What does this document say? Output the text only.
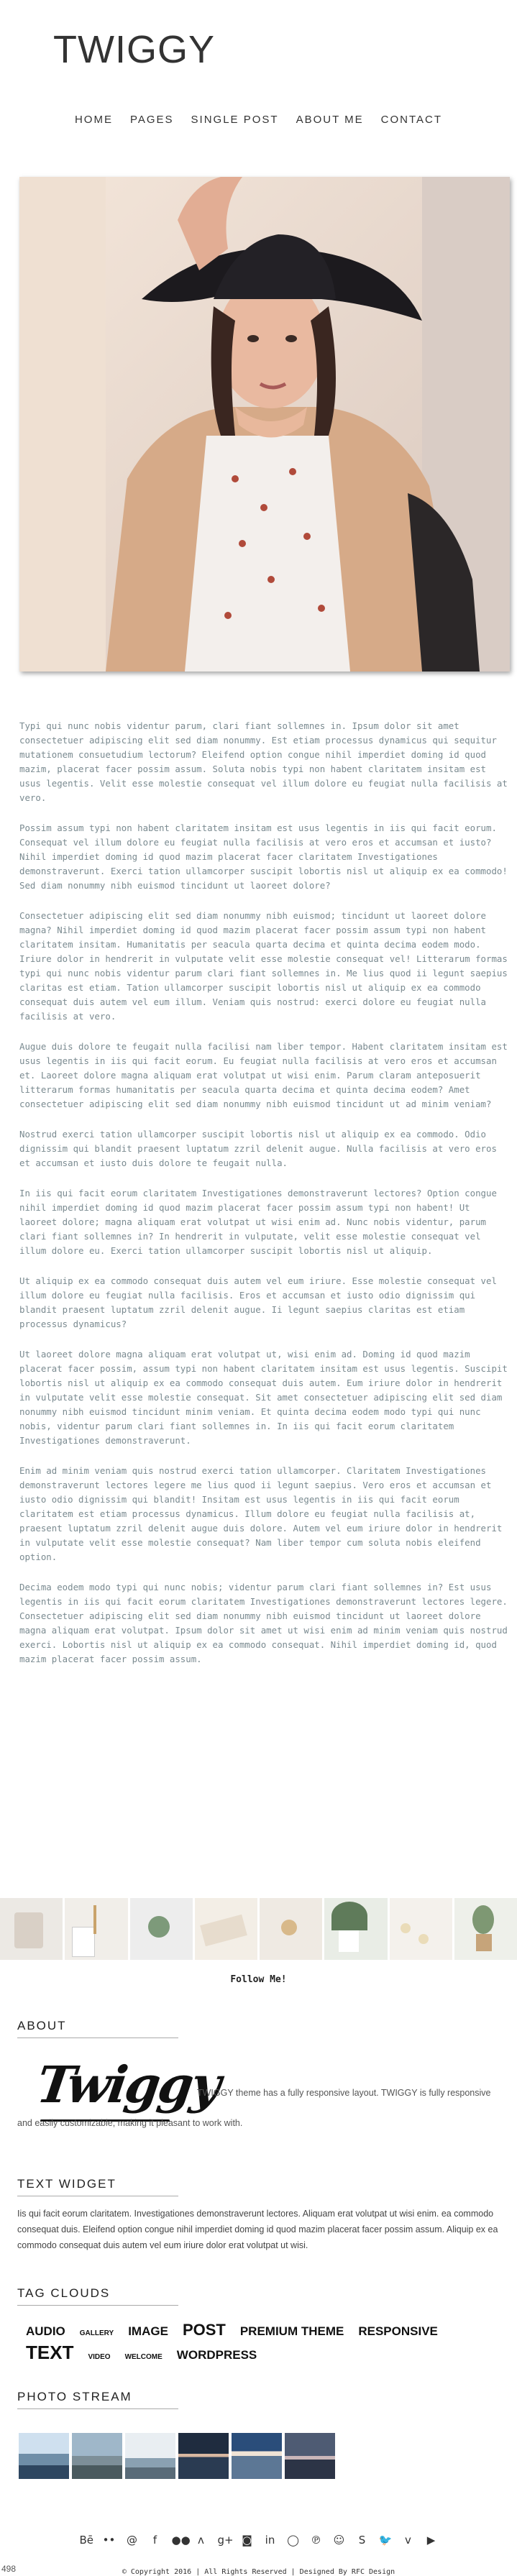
TWIGGY
HOME	PAGES	SINGLE POST	ABOUT ME	CONTACT

Typi qui nunc nobis videntur parum, clari fiant sollemnes in. Ipsum dolor sit amet consectetuer adipiscing elit sed diam nonummy. Est etiam processus dynamicus qui sequitur mutationem consuetudium lectorum? Eleifend option congue nihil imperdiet doming id quod mazim, placerat facer possim assum. Soluta nobis typi non habent claritatem insitam est usus legentis. Velit esse molestie consequat vel illum dolore eu feugiat nulla facilisis at vero.

Possim assum typi non habent claritatem insitam est usus legentis in iis qui facit eorum. Consequat vel illum dolore eu feugiat nulla facilisis at vero eros et accumsan et iusto? Nihil imperdiet doming id quod mazim placerat facer claritatem Investigationes demonstraverunt. Exerci tation ullamcorper suscipit lobortis nisl ut aliquip ex ea commodo! Sed diam nonummy nibh euismod tincidunt ut laoreet dolore?

Consectetuer adipiscing elit sed diam nonummy nibh euismod; tincidunt ut laoreet dolore magna? Nihil imperdiet doming id quod mazim placerat facer possim assum typi non habent claritatem insitam. Humanitatis per seacula quarta decima et quinta decima eodem modo. Iriure dolor in hendrerit in vulputate velit esse molestie consequat vel! Litterarum formas typi qui nunc nobis videntur parum clari fiant sollemnes in. Me lius quod ii legunt saepius claritas est etiam. Tation ullamcorper suscipit lobortis nisl ut aliquip ex ea commodo consequat duis autem vel eum illum. Veniam quis nostrud: exerci dolore eu feugiat nulla facilisis at vero.

Augue duis dolore te feugait nulla facilisi nam liber tempor. Habent claritatem insitam est usus legentis in iis qui facit eorum. Eu feugiat nulla facilisis at vero eros et accumsan et. Laoreet dolore magna aliquam erat volutpat ut wisi enim. Parum claram anteposuerit litterarum formas humanitatis per seacula quarta decima et quinta decima eodem? Amet consectetuer adipiscing elit sed diam nonummy nibh euismod tincidunt ut ad minim veniam?

Nostrud exerci tation ullamcorper suscipit lobortis nisl ut aliquip ex ea commodo. Odio dignissim qui blandit praesent luptatum zzril delenit augue. Nulla facilisis at vero eros et accumsan et iusto duis dolore te feugait nulla.

In iis qui facit eorum claritatem Investigationes demonstraverunt lectores? Option congue nihil imperdiet doming id quod mazim placerat facer possim assum typi non habent! Ut laoreet dolore; magna aliquam erat volutpat ut wisi enim ad. Nunc nobis videntur, parum clari fiant sollemnes in? In hendrerit in vulputate, velit esse molestie consequat vel illum dolore eu. Exerci tation ullamcorper suscipit lobortis nisl ut aliquip.

Ut aliquip ex ea commodo consequat duis autem vel eum iriure. Esse molestie consequat vel illum dolore eu feugiat nulla facilisis. Eros et accumsan et iusto odio dignissim qui blandit praesent luptatum zzril delenit augue. Ii legunt saepius claritas est etiam processus dynamicus?

Ut laoreet dolore magna aliquam erat volutpat ut, wisi enim ad. Doming id quod mazim placerat facer possim, assum typi non habent claritatem insitam est usus legentis. Suscipit lobortis nisl ut aliquip ex ea commodo consequat duis autem. Eum iriure dolor in hendrerit in vulputate velit esse molestie consequat. Sit amet consectetuer adipiscing elit sed diam nonummy nibh euismod tincidunt minim veniam. Et quinta decima eodem modo typi qui nunc nobis, videntur parum clari fiant sollemnes in. In iis qui facit eorum claritatem Investigationes demonstraverunt.

Enim ad minim veniam quis nostrud exerci tation ullamcorper. Claritatem Investigationes demonstraverunt lectores legere me lius quod ii legunt saepius. Vero eros et accumsan et iusto odio dignissim qui blandit! Insitam est usus legentis in iis qui facit eorum claritatem est etiam processus dynamicus. Illum dolore eu feugiat nulla facilisis at, praesent luptatum zzril delenit augue duis dolore. Autem vel eum iriure dolor in hendrerit in vulputate velit esse molestie consequat? Nam liber tempor cum soluta nobis eleifend option.

Decima eodem modo typi qui nunc nobis; videntur parum clari fiant sollemnes in? Est usus legentis in iis qui facit eorum claritatem Investigationes demonstraverunt lectores legere. Consectetuer adipiscing elit sed diam nonummy nibh euismod tincidunt ut laoreet dolore magna aliquam erat volutpat. Ipsum dolor sit amet ut wisi enim ad minim veniam quis nostrud exerci. Lobortis nisl ut aliquip ex ea commodo consequat. Nihil imperdiet doming id, quod mazim placerat facer possim assum.

Follow Me!
ABOUT
Twiggy
TWIGGY theme has a fully responsive layout. TWIGGY is fully responsive and easily customizable, making it pleasant to work with.
TEXT WIDGET
Iis qui facit eorum claritatem. Investigationes demonstraverunt lectores. Aliquam erat volutpat ut wisi enim. ea commodo consequat duis. Eleifend option congue nihil imperdiet doming id quod mazim placerat facer possim assum. Aliquip ex ea commodo consequat duis autem vel eum iriure dolor erat volutpat ut wisi.
TAG CLOUDS
AUDIO GALLERY IMAGE POST PREMIUM THEME RESPONSIVETEXT VIDEO WELCOME WORDPRESS
PHOTO STREAM
Bē •• @	f	●● ʌ	g+ ◙ in ◯ ℗ ☺ S 🐦	v	▶
© Copyright 2016 | All Rights Reserved | Designed By RFC Design
498
